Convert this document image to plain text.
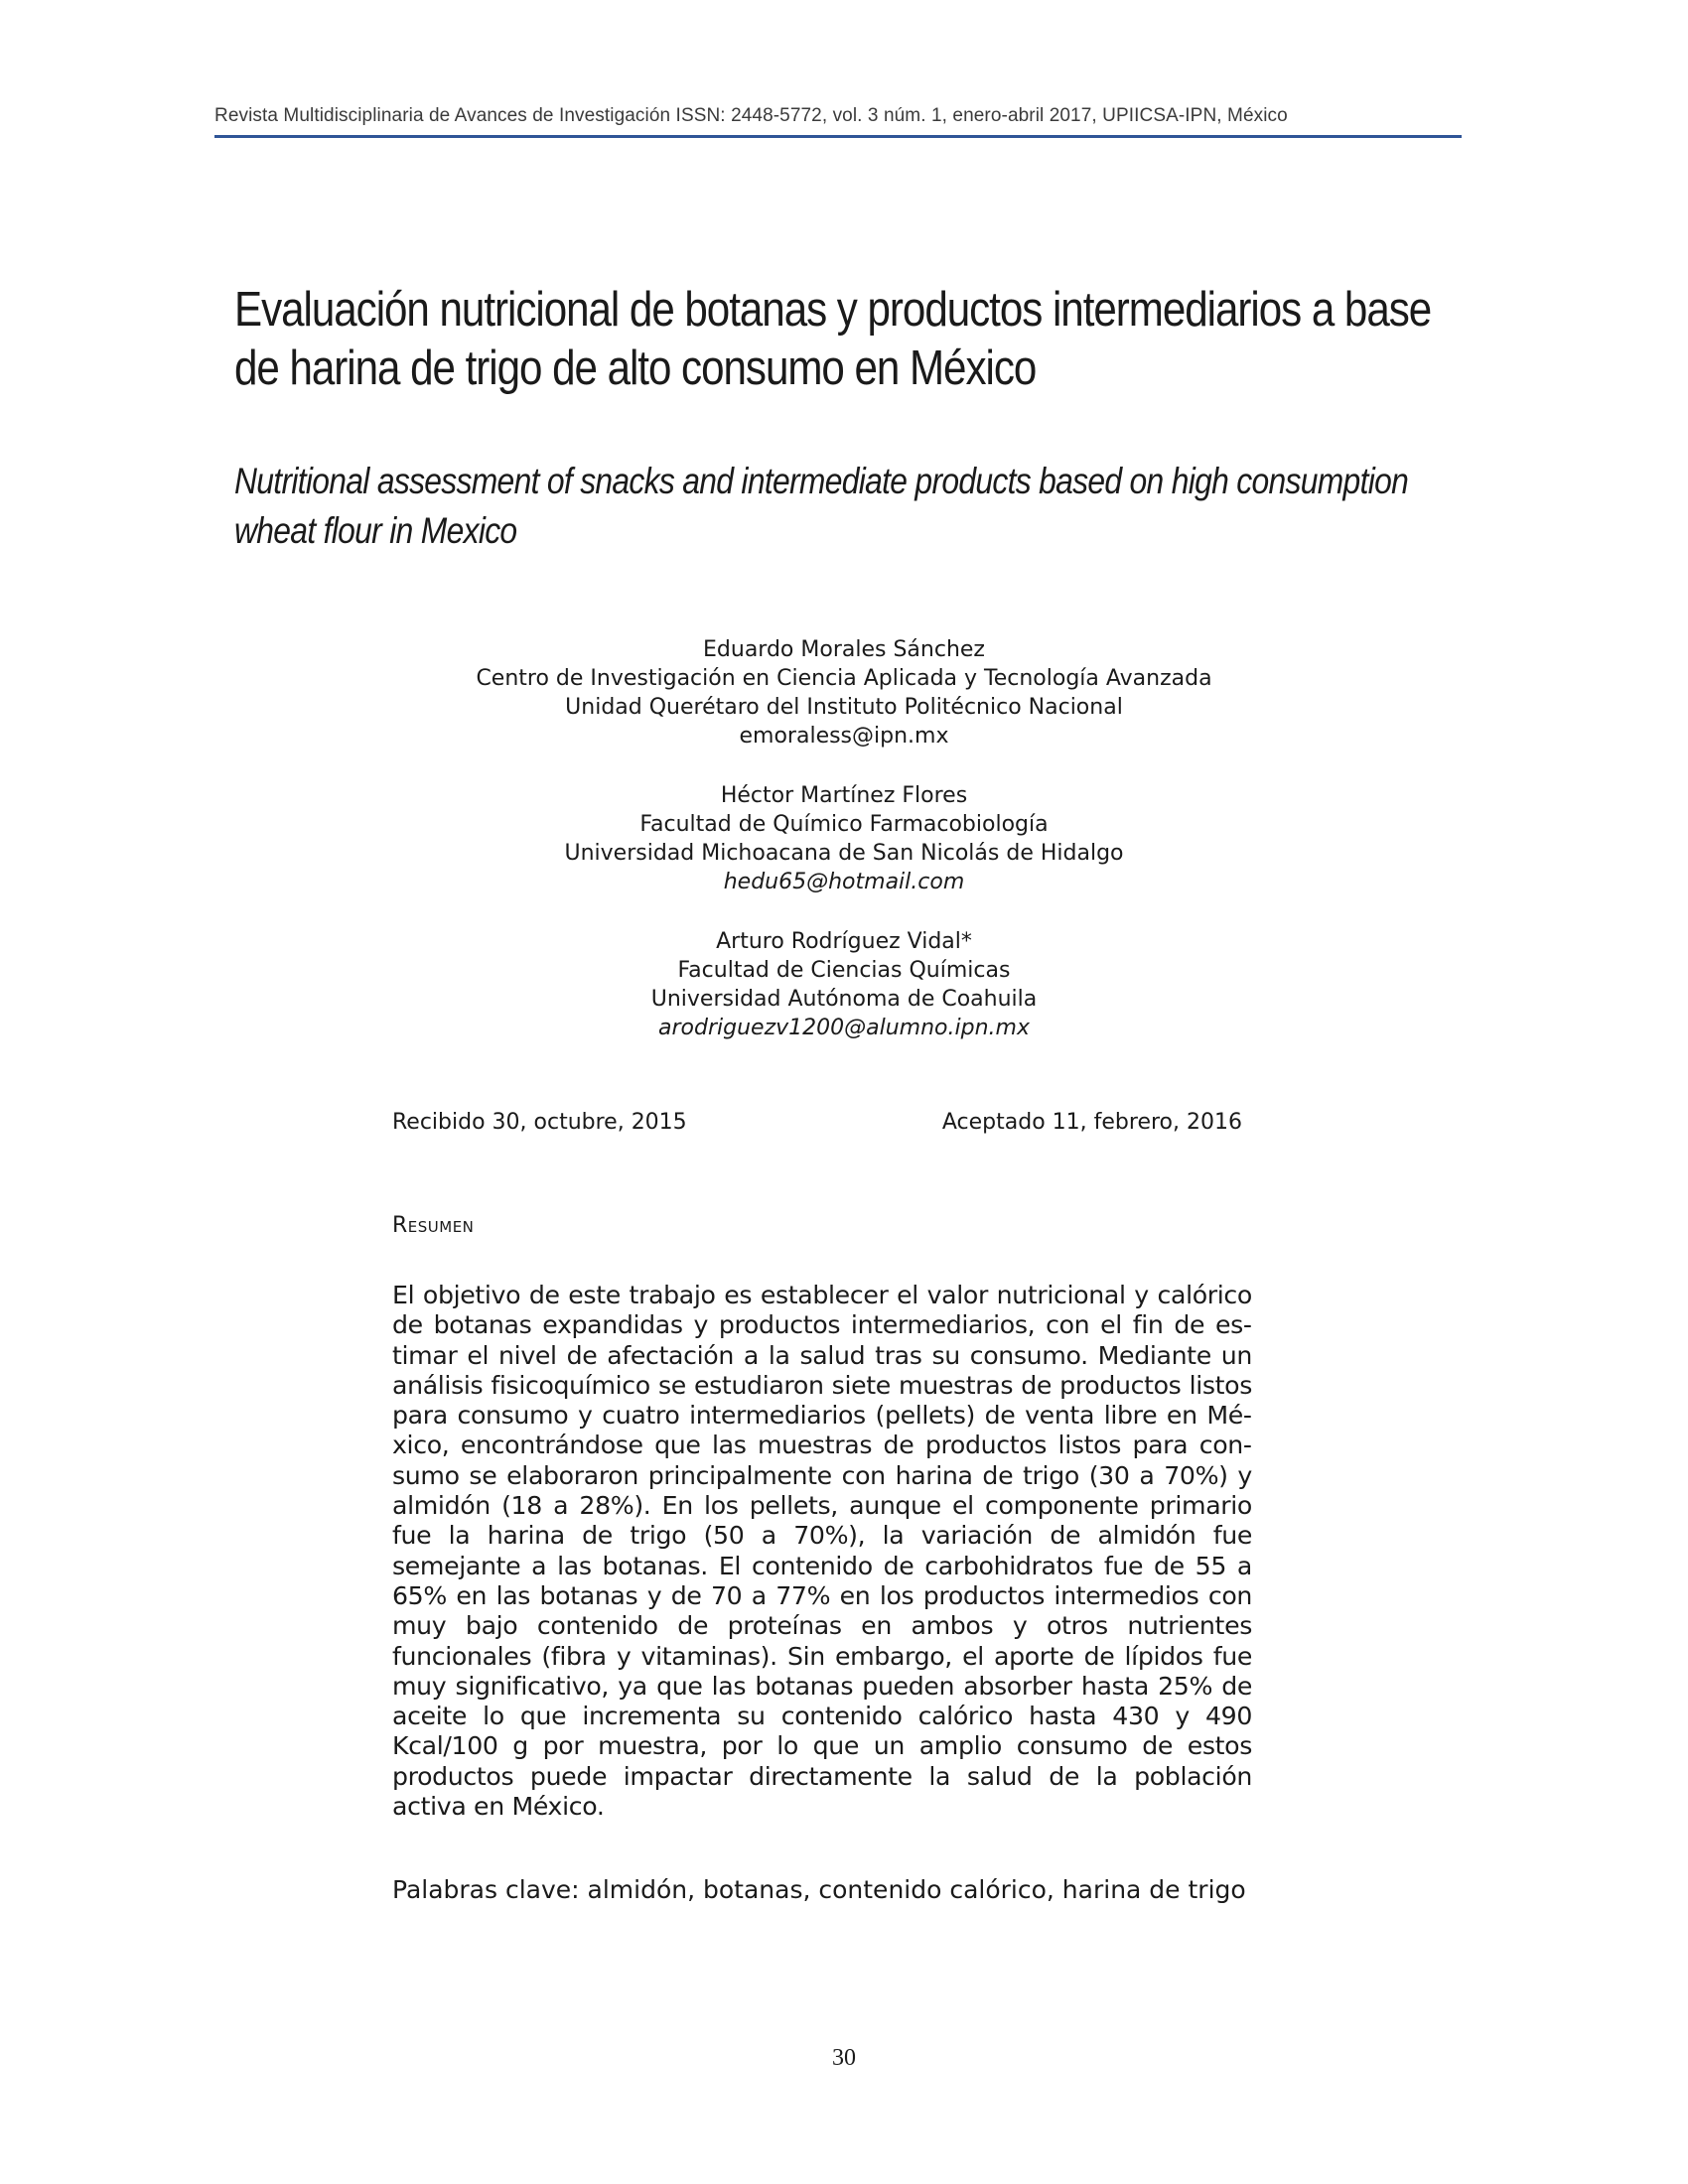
Revista Multidisciplinaria de Avances de Investigación ISSN: 2448-5772, vol. 3 núm. 1, enero-abril 2017, UPIICSA-IPN, México
Evaluación nutricional de botanas y productos intermediarios a base
de harina de trigo de alto consumo en México
Nutritional assessment of snacks and intermediate products based on high consumption
wheat flour in Mexico
Eduardo Morales Sánchez
Centro de Investigación en Ciencia Aplicada y Tecnología Avanzada
Unidad Querétaro del Instituto Politécnico Nacional
emoraless@ipn.mx
Héctor Martínez Flores
Facultad de Químico Farmacobiología
Universidad Michoacana de San Nicolás de Hidalgo
hedu65@hotmail.com
Arturo Rodríguez Vidal*
Facultad de Ciencias Químicas
Universidad Autónoma de Coahuila
arodriguezv1200@alumno.ipn.mx
Recibido 30, octubre, 2015	Aceptado 11, febrero, 2016
Resumen
El objetivo de este trabajo es establecer el valor nutricional y calórico de botanas expandidas y productos intermediarios, con el fin de estimar el nivel de afectación a la salud tras su consumo. Mediante un análisis fisicoquímico se estudiaron siete muestras de productos listos para consumo y cuatro intermediarios (pellets) de venta libre en México, encontrándose que las muestras de productos listos para consumo se elaboraron principalmente con harina de trigo (30 a 70%) y almidón (18 a 28%). En los pellets, aunque el componente primario fue la harina de trigo (50 a 70%), la variación de almidón fue semejante a las botanas. El contenido de carbohidratos fue de 55 a 65% en las botanas y de 70 a 77% en los productos intermedios con muy bajo contenido de proteínas en ambos y otros nutrientes funcionales (fibra y vitaminas). Sin embargo, el aporte de lípidos fue muy significativo, ya que las botanas pueden absorber hasta 25% de aceite lo que incrementa su contenido calórico hasta 430 y 490 Kcal/100 g por muestra, por lo que un amplio consumo de estos productos puede impactar directamente la salud de la población activa en México.
Palabras clave: almidón, botanas, contenido calórico, harina de trigo
30
